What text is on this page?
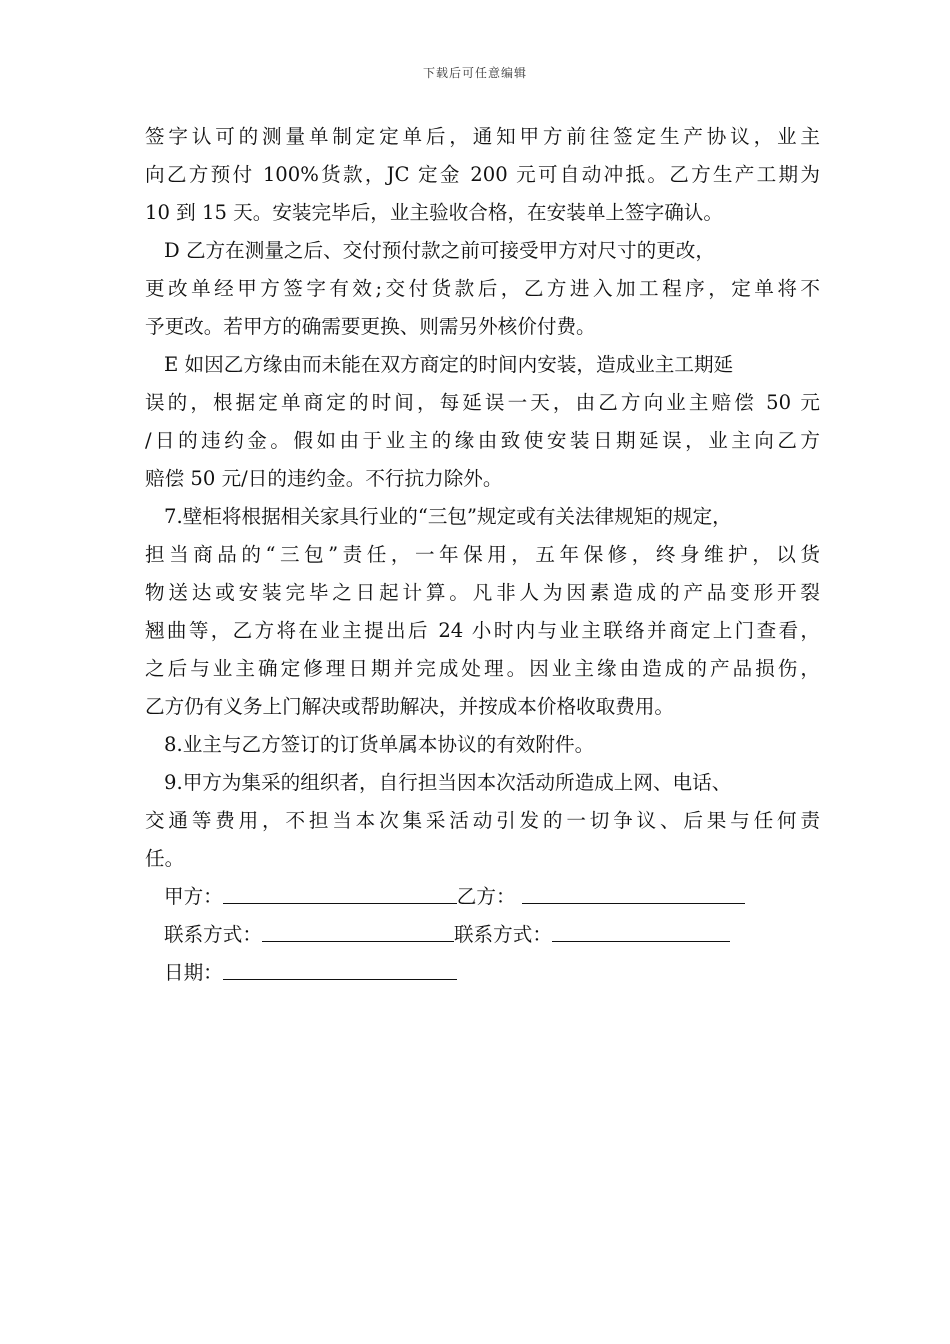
下载后可任意编辑
签字认可的测量单制定定单后，通知甲方前往签定生产协议，业主
向乙方预付 100%货款，JC 定金 200 元可自动冲抵。乙方生产工期为
10 到 15 天。安装完毕后，业主验收合格，在安装单上签字确认。
D 乙方在测量之后、交付预付款之前可接受甲方对尺寸的更改，
更改单经甲方签字有效;交付货款后，乙方进入加工程序，定单将不
予更改。若甲方的确需要更换、则需另外核价付费。
E 如因乙方缘由而未能在双方商定的时间内安装，造成业主工期延
误的，根据定单商定的时间，每延误一天，由乙方向业主赔偿 50 元
/日的违约金。假如由于业主的缘由致使安装日期延误，业主向乙方
赔偿 50 元/日的违约金。不行抗力除外。
7.壁柜将根据相关家具行业的“三包”规定或有关法律规矩的规定，
担当商品的“三包”责任，一年保用，五年保修，终身维护，以货
物送达或安装完毕之日起计算。凡非人为因素造成的产品变形开裂
翘曲等，乙方将在业主提出后 24 小时内与业主联络并商定上门查看，
之后与业主确定修理日期并完成处理。因业主缘由造成的产品损伤，
乙方仍有义务上门解决或帮助解决，并按成本价格收取费用。
8.业主与乙方签订的订货单属本协议的有效附件。
9.甲方为集采的组织者，自行担当因本次活动所造成上网、电话、
交通等费用，不担当本次集采活动引发的一切争议、后果与任何责
任。
甲方：	乙方：
联系方式：	联系方式：
日期：
